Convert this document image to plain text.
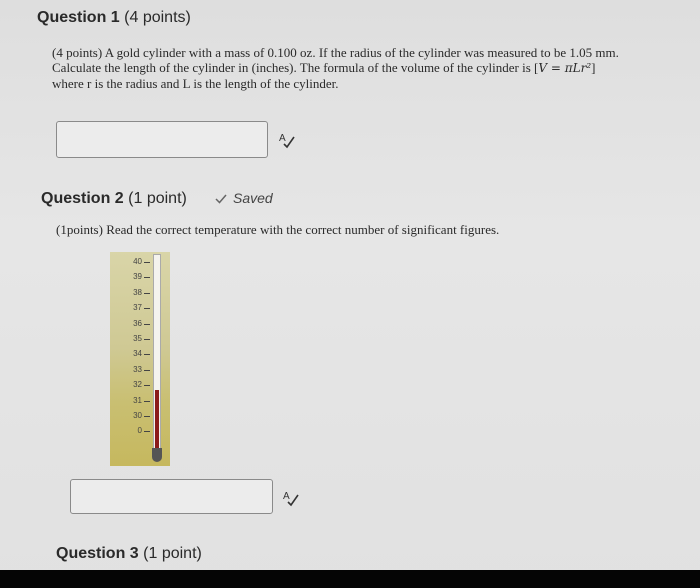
Question 1 (4 points)
(4 points) A gold cylinder with a mass of 0.100 oz. If the radius of the cylinder was measured to be 1.05 mm.
Calculate the length of the cylinder in (inches). The formula of the volume of the cylinder is [V = πLr²]
where r is the radius and L is the length of the cylinder.
A
Question 2 (1 point)	Saved
(1points) Read the correct temperature with the correct number of significant figures.
40
39
38
37
36
35
34
33
32
31
30
0
A
Question 3 (1 point)
